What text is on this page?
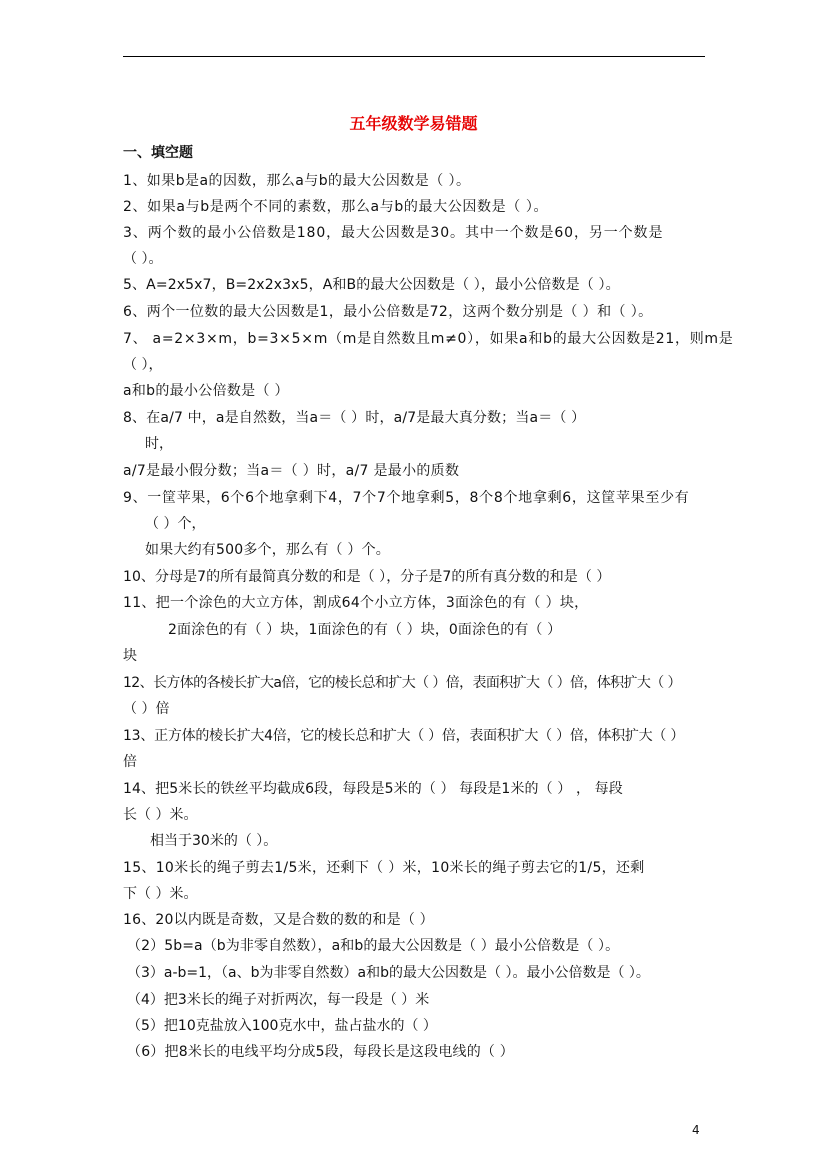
五年级数学易错题
一、填空题
1、如果b是a的因数，那么a与b的最大公因数是（ ）。
2、如果a与b是两个不同的素数，那么a与b的最大公因数是（ ）。
3、两个数的最小公倍数是180，最大公因数是30。其中一个数是60，另一个数是
（ ）。
5、A=2x5x7，B=2x2x3x5，A和B的最大公因数是（ ），最小公倍数是（ ）。
6、两个一位数的最大公因数是1，最小公倍数是72，这两个数分别是（ ）和（ ）。
7、 a=2×3×m，b=3×5×m（m是自然数且m≠0），如果a和b的最大公因数是21，则m是
（ ），
a和b的最小公倍数是（ ）
8、在a/7 中，a是自然数，当a＝（ ）时，a/7是最大真分数；当a＝（ ）
时，
a/7是最小假分数；当a＝（ ）时，a/7 是最小的质数
9、一筐苹果，6个6个地拿剩下4，7个7个地拿剩5，8个8个地拿剩6，这筐苹果至少有
（ ）个，
如果大约有500多个，那么有（ ）个。
10、分母是7的所有最简真分数的和是（ ），分子是7的所有真分数的和是（ ）
11、把一个涂色的大立方体，割成64个小立方体，3面涂色的有（ ）块，
2面涂色的有（ ）块，1面涂色的有（ ）块，0面涂色的有（ ）
块
12、长方体的各棱长扩大a倍，它的棱长总和扩大（ ）倍，表面积扩大（ ）倍，体积扩大（ ）
（ ）倍
13、正方体的棱长扩大4倍，它的棱长总和扩大（ ）倍，表面积扩大（ ）倍，体积扩大（ ）
倍
14、把5米长的铁丝平均截成6段，每段是5米的（ ） 每段是1米的（ ） ， 每段
长（ ）米。
相当于30米的（ ）。
15、10米长的绳子剪去1/5米，还剩下（ ）米，10米长的绳子剪去它的1/5，还剩
下（ ）米。
16、20以内既是奇数，又是合数的数的和是（ ）
（2）5b=a（b为非零自然数），a和b的最大公因数是（ ）最小公倍数是（ ）。
（3）a-b=1，（a、b为非零自然数）a和b的最大公因数是（ ）。最小公倍数是（ ）。
（4）把3米长的绳子对折两次，每一段是（ ）米
（5）把10克盐放入100克水中，盐占盐水的（ ）
（6）把8米长的电线平均分成5段，每段长是这段电线的（ ）
4
